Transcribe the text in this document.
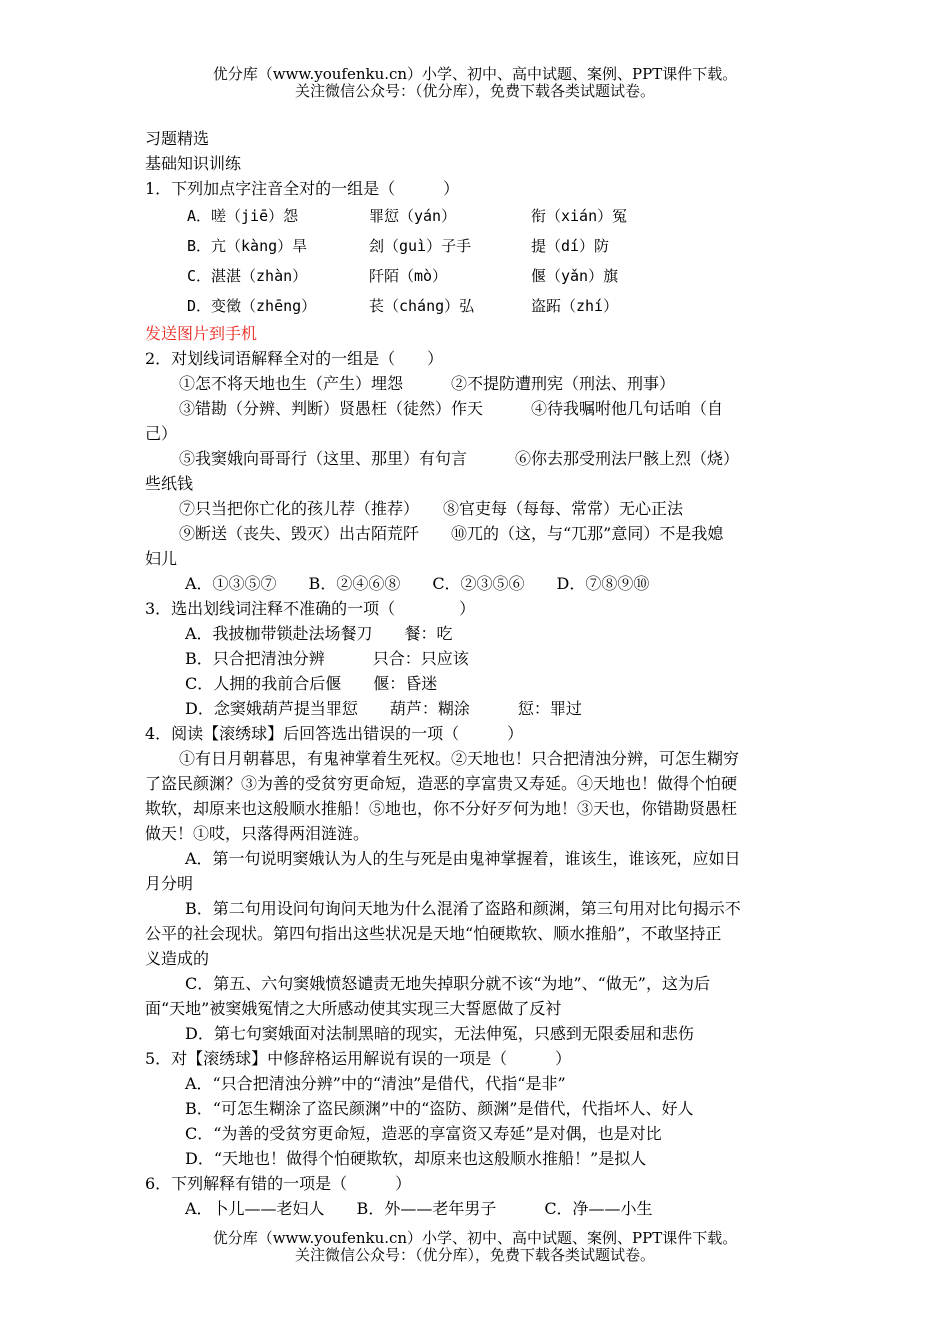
优分库（www.youfenku.cn）小学、初中、高中试题、案例、PPT课件下载。
关注微信公众号：（优分库），免费下载各类试题试卷。
习题精选
基础知识训练
1．下列加点字注音全对的一组是（　　　）
A．嗟（jiē）怨	罪愆（yán）	衔（xián）冤
B．亢（kàng）旱	刽（guì）子手	提（dí）防
C．湛湛（zhàn）	阡陌（mò）	偃（yǎn）旗
D．变徵（zhēng）	苌（cháng）弘	盗跖（zhí）
发送图片到手机
2．对划线词语解释全对的一组是（　　）
①怎不将天地也生（产生）埋怨　　　②不提防遭刑宪（刑法、刑事）
③错勘（分辨、判断）贤愚枉（徒然）作天　　　④待我嘱咐他几句话咱（自
己）
⑤我窦娥向哥哥行（这里、那里）有句言　　　⑥你去那受刑法尸骸上烈（烧）
些纸钱
⑦只当把你亡化的孩儿荐（推荐）　　⑧官吏每（每每、常常）无心正法
⑨断送（丧失、毁灭）出古陌荒阡　　⑩兀的（这，与“兀那”意同）不是我媳
妇儿
A．①③⑤⑦　　B．②④⑥⑧　　C．②③⑤⑥　　D．⑦⑧⑨⑩
3．选出划线词注释不准确的一项（　　　　）
A．我披枷带锁赴法场餐刀　　餐：吃
B．只合把清浊分辨　　　只合：只应该
C．人拥的我前合后偃　　偃：昏迷
D．念窦娥葫芦提当罪愆　　葫芦：糊涂　　　愆：罪过
4．阅读【滚绣球】后回答选出错误的一项（　　　）
①有日月朝暮思，有鬼神掌着生死权。②天地也！只合把清浊分辨，可怎生糊穷
了盗民颜渊？③为善的受贫穷更命短，造恶的享富贵又寿延。④天地也！做得个怕硬
欺软，却原来也这般顺水推船！⑤地也，你不分好歹何为地！③天也，你错勘贤愚枉
做天！①哎，只落得两泪涟涟。
A．第一句说明窦娥认为人的生与死是由鬼神掌握着，谁该生，谁该死，应如日
月分明
B．第二句用设问句询问天地为什么混淆了盗路和颜渊，第三句用对比句揭示不
公平的社会现状。第四句指出这些状况是天地“怕硬欺软、顺水推船”，不敢坚持正
义造成的
C．第五、六句窦娥愤怒谴责无地失掉职分就不该“为地”、“做无”，这为后
面“天地”被窦娥冤情之大所感动使其实现三大誓愿做了反衬
D．第七句窦娥面对法制黑暗的现实，无法伸冤，只感到无限委屈和悲伤
5．对【滚绣球】中修辞格运用解说有误的一项是（　　　）
A．“只合把清浊分辨”中的“清浊”是借代，代指“是非”
B．“可怎生糊涂了盗民颜渊”中的“盗防、颜渊”是借代，代指坏人、好人
C．“为善的受贫穷更命短，造恶的享富资又寿延”是对偶，也是对比
D．“天地也！做得个怕硬欺软，却原来也这般顺水推船！”是拟人
6．下列解释有错的一项是（　　　）
A．卜儿——老妇人　　B．外——老年男子　　　C．净——小生
优分库（www.youfenku.cn）小学、初中、高中试题、案例、PPT课件下载。
关注微信公众号：（优分库），免费下载各类试题试卷。
